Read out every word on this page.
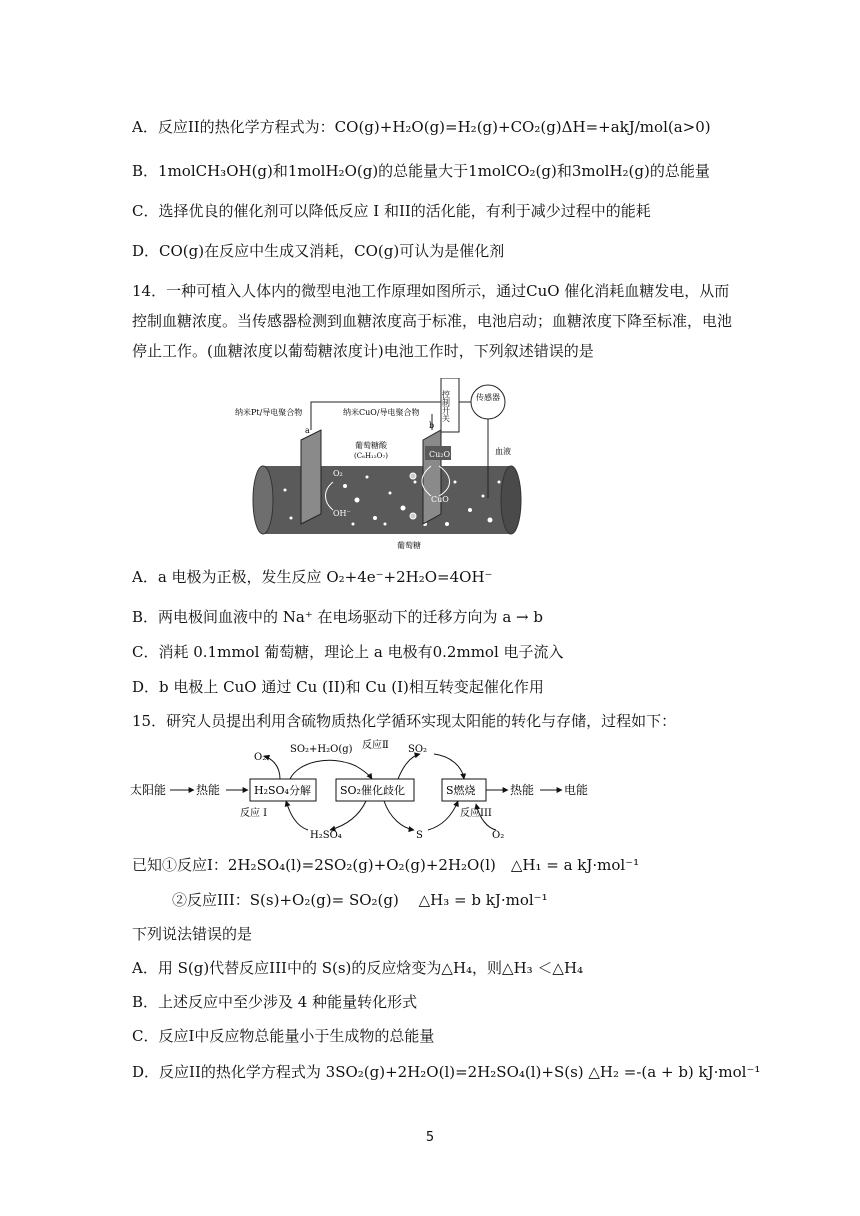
A．反应II的热化学方程式为：CO(g)+H₂O(g)=H₂(g)+CO₂(g)ΔH=+akJ/mol(a>0)
B．1molCH₃OH(g)和1molH₂O(g)的总能量大于1molCO₂(g)和3molH₂(g)的总能量
C．选择优良的催化剂可以降低反应 I 和II的活化能，有利于减少过程中的能耗
D．CO(g)在反应中生成又消耗，CO(g)可认为是催化剂
14．一种可植入人体内的微型电池工作原理如图所示，通过CuO 催化消耗血糖发电，从而控制血糖浓度。当传感器检测到血糖浓度高于标准，电池启动；血糖浓度下降至标准，电池停止工作。(血糖浓度以葡萄糖浓度计)电池工作时，下列叙述错误的是
控制开关	传感器
纳米Pt/导电聚合物
a
纳米CuO/导电聚合物
b
葡萄糖酸
(C₆H₁₂O₇)	Cu₂O
CuO
O₂
OH⁻
血液
葡萄糖
A．a 电极为正极，发生反应 O₂+4e⁻+2H₂O=4OH⁻
B．两电极间血液中的 Na⁺ 在电场驱动下的迁移方向为 a → b
C．消耗 0.1mmol 葡萄糖，理论上 a 电极有0.2mmol 电子流入
D．b 电极上 CuO 通过 Cu (II)和 Cu (I)相互转变起催化作用
15．研究人员提出利用含硫物质热化学循环实现太阳能的转化与存储，过程如下：
太阳能 热能	H₂SO₄分解	SO₂催化歧化	S燃烧	热能 电能
O₂
SO₂+H₂O(g) 反应Ⅱ SO₂
反应 I
H₂SO₄	S
反应III
O₂
已知①反应I：2H₂SO₄(l)=2SO₂(g)+O₂(g)+2H₂O(l)　△H₁ = a kJ·mol⁻¹
②反应III：S(s)+O₂(g)= SO₂(g)　 △H₃ = b kJ·mol⁻¹
下列说法错误的是
A．用 S(g)代替反应III中的 S(s)的反应焓变为△H₄，则△H₃ ＜△H₄
B．上述反应中至少涉及 4 种能量转化形式
C．反应I中反应物总能量小于生成物的总能量
D．反应II的热化学方程式为 3SO₂(g)+2H₂O(l)=2H₂SO₄(l)+S(s) △H₂ =-(a + b) kJ·mol⁻¹
5
